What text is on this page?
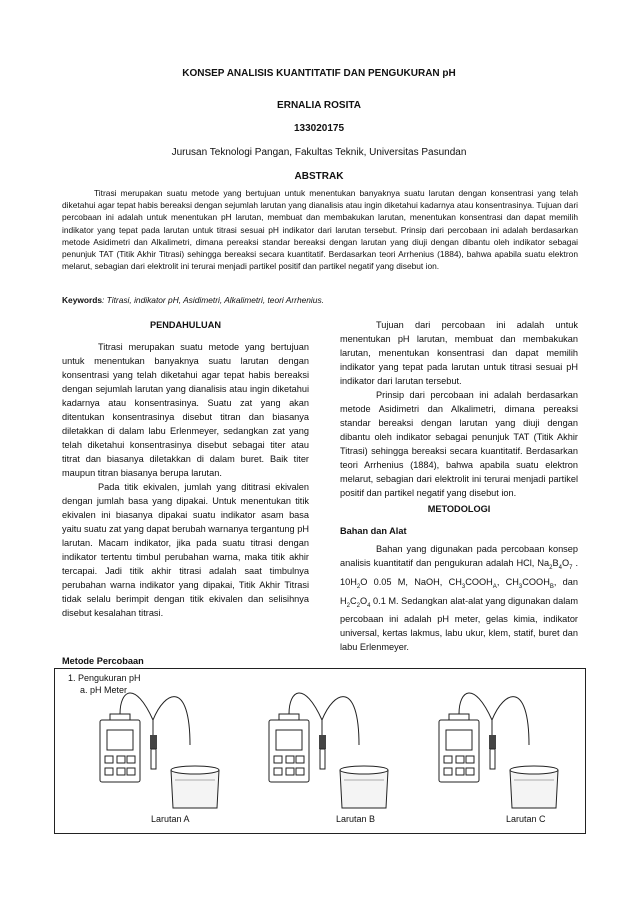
KONSEP ANALISIS KUANTITATIF DAN PENGUKURAN pH
ERNALIA ROSITA
133020175
Jurusan Teknologi Pangan, Fakultas Teknik, Universitas Pasundan
ABSTRAK

Titrasi merupakan suatu metode yang bertujuan untuk menentukan banyaknya suatu larutan dengan konsentrasi yang telah diketahui agar tepat habis bereaksi dengan sejumlah larutan yang dianalisis atau ingin diketahui kadarnya atau konsentrasinya. Tujuan dari percobaan ini adalah untuk menentukan pH larutan, membuat dan membakukan larutan, menentukan konsentrasi dan dapat memilih indikator yang tepat pada larutan untuk titrasi sesuai pH indikator dari larutan tersebut. Prinsip dari percobaan ini adalah berdasarkan metode Asidimetri dan Alkalimetri, dimana pereaksi standar bereaksi dengan larutan yang diuji dengan dibantu oleh indikator sebagai penunjuk TAT (Titik Akhir Titrasi) sehingga bereaksi secara kuantitatif. Berdasarkan teori Arrhenius (1884), bahwa apabila suatu elektron melarut, sebagian dari elektrolit ini terurai menjadi partikel positif dan partikel negatif yang disebut ion.

Keywords: Titrasi, indikator pH, Asidimetri, Alkalimetri, teori Arrhenius.
PENDAHULUAN

Titrasi merupakan suatu metode yang bertujuan untuk menentukan banyaknya suatu larutan dengan konsentrasi yang telah diketahui agar tepat habis bereaksi dengan sejumlah larutan yang dianalisis atau ingin diketahui kadarnya atau konsentrasinya. Suatu zat yang akan ditentukan konsentrasinya disebut titran dan biasanya diletakkan di dalam labu Erlenmeyer, sedangkan zat yang telah diketahui konsentrasinya disebut sebagai titer atau titrat dan biasanya diletakkan di dalam buret. Baik titer maupun titran biasanya berupa larutan.

Pada titik ekivalen, jumlah yang dititrasi ekivalen dengan jumlah basa yang dipakai. Untuk menentukan titik ekivalen ini biasanya dipakai suatu indikator asam basa yaitu suatu zat yang dapat berubah warnanya tergantung pH larutan. Macam indikator, jika pada suatu titrasi dengan indikator tertentu timbul perubahan warna, maka titik akhir tercapai. Jadi titik akhir titrasi adalah saat timbulnya perubahan warna indikator yang dipakai, Titik Akhir Titrasi tidak selalu berimpit dengan titik ekivalen dan selisihnya disebut kesalahan titrasi.

Tujuan dari percobaan ini adalah untuk menentukan pH larutan, membuat dan membakukan larutan, menentukan konsentrasi dan dapat memilih indikator yang tepat pada larutan untuk titrasi sesuai pH indikator dari larutan tersebut.

Prinsip dari percobaan ini adalah berdasarkan metode Asidimetri dan Alkalimetri, dimana pereaksi standar bereaksi dengan larutan yang diuji dengan dibantu oleh indikator sebagai penunjuk TAT (Titik Akhir Titrasi) sehingga bereaksi secara kuantitatif. Berdasarkan teori Arrhenius (1884), bahwa apabila suatu elektron melarut, sebagian dari elektrolit ini terurai menjadi partikel positif dan partikel negatif yang disebut ion.

METODOLOGI
Bahan dan Alat

Bahan yang digunakan pada percobaan konsep analisis kuantitatif dan pengukuran adalah HCl, $Na_2B_4O_7$ . $10H_2O$ 0.05 M, NaOH, $CH_3COOH_A$, $CH_3COOH_B$, dan $H_2C_2O_4$ 0.1 M. Sedangkan alat-alat yang digunakan dalam percobaan ini adalah pH meter, gelas kimia, indikator universal, kertas lakmus, labu ukur, klem, statif, buret dan labu Erlenmeyer.

Metode Percobaan
1. Pengukuran pH
a. pH Meter
Larutan A	Larutan B	Larutan C
